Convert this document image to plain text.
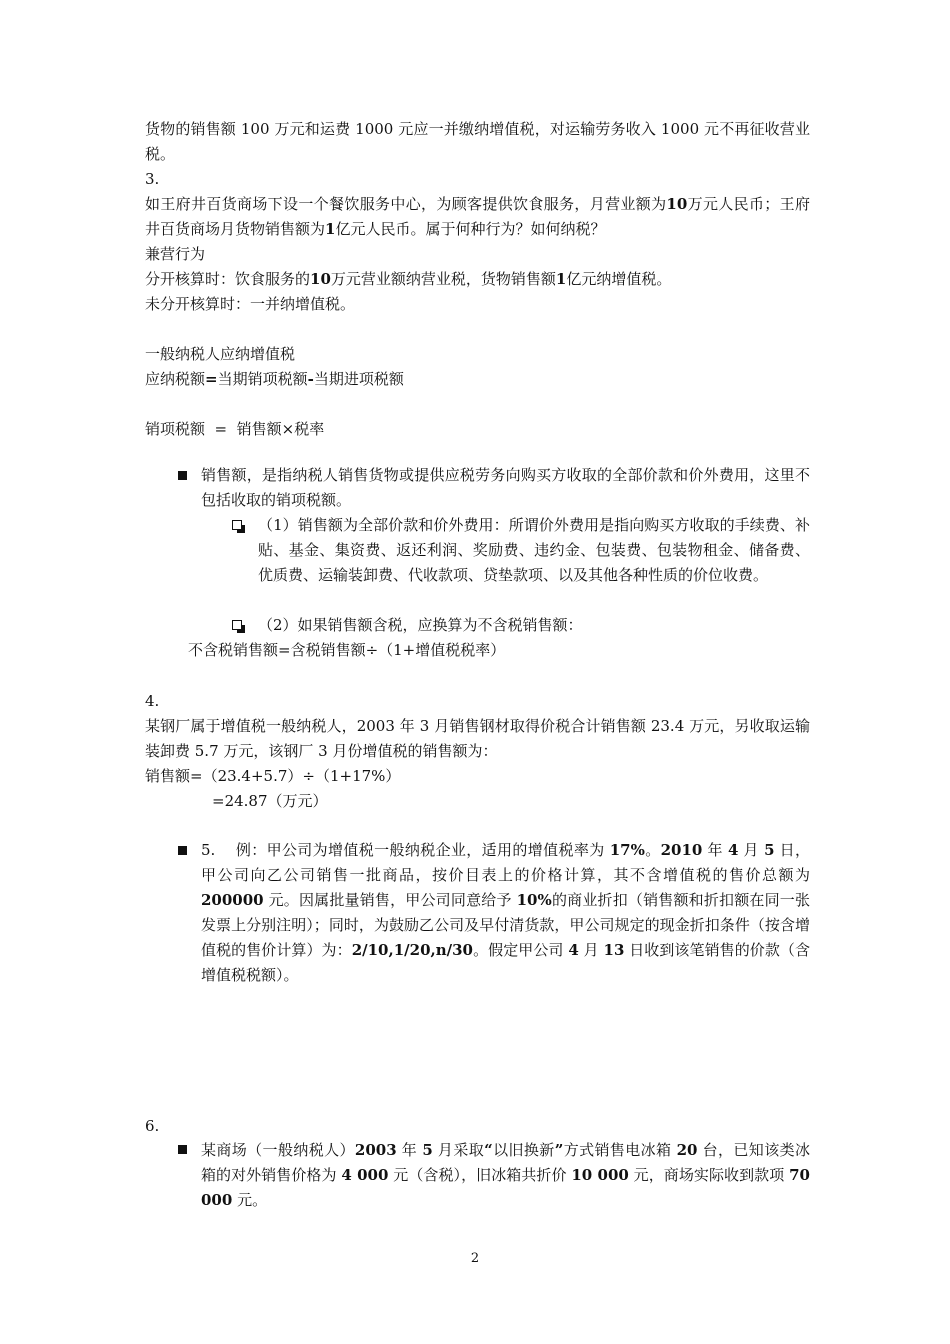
货物的销售额 100 万元和运费 1000 元应一并缴纳增值税，对运输劳务收入 1000 元不再征收营业税。
3.
如王府井百货商场下设一个餐饮服务中心，为顾客提供饮食服务，月营业额为10万元人民币；王府井百货商场月货物销售额为1亿元人民币。属于何种行为？如何纳税？
兼营行为
分开核算时：饮食服务的10万元营业额纳营业税，货物销售额1亿元纳增值税。
未分开核算时：一并纳增值税。
一般纳税人应纳增值税
应纳税额=当期销项税额-当期进项税额
销项税额  =  销售额×税率
销售额，是指纳税人销售货物或提供应税劳务向购买方收取的全部价款和价外费用，这里不包括收取的销项税额。
（1）销售额为全部价款和价外费用：所谓价外费用是指向购买方收取的手续费、补贴、基金、集资费、返还利润、奖励费、违约金、包装费、包装物租金、储备费、优质费、运输装卸费、代收款项、贷垫款项、以及其他各种性质的价位收费。
（2）如果销售额含税，应换算为不含税销售额：
不含税销售额=含税销售额÷（1+增值税税率）
4.
某钢厂属于增值税一般纳税人，2003 年 3 月销售钢材取得价税合计销售额 23.4 万元，另收取运输装卸费 5.7 万元，该钢厂 3 月份增值税的销售额为：
销售额=（23.4+5.7）÷（1+17%）
=24.87（万元）
5.    例：甲公司为增值税一般纳税企业，适用的增值税率为 17%。2010 年 4 月 5 日，甲公司向乙公司销售一批商品，按价目表上的价格计算，其不含增值税的售价总额为 200000 元。因属批量销售，甲公司同意给予 10%的商业折扣（销售额和折扣额在同一张发票上分别注明）；同时，为鼓励乙公司及早付清货款，甲公司规定的现金折扣条件（按含增值税的售价计算）为：2/10,1/20,n/30。假定甲公司 4 月 13 日收到该笔销售的价款（含增值税税额）。
6.
某商场（一般纳税人）2003 年 5 月采取“以旧换新”方式销售电冰箱 20 台，已知该类冰箱的对外销售价格为 4 000 元（含税），旧冰箱共折价 10 000 元，商场实际收到款项 70 000 元。
2
